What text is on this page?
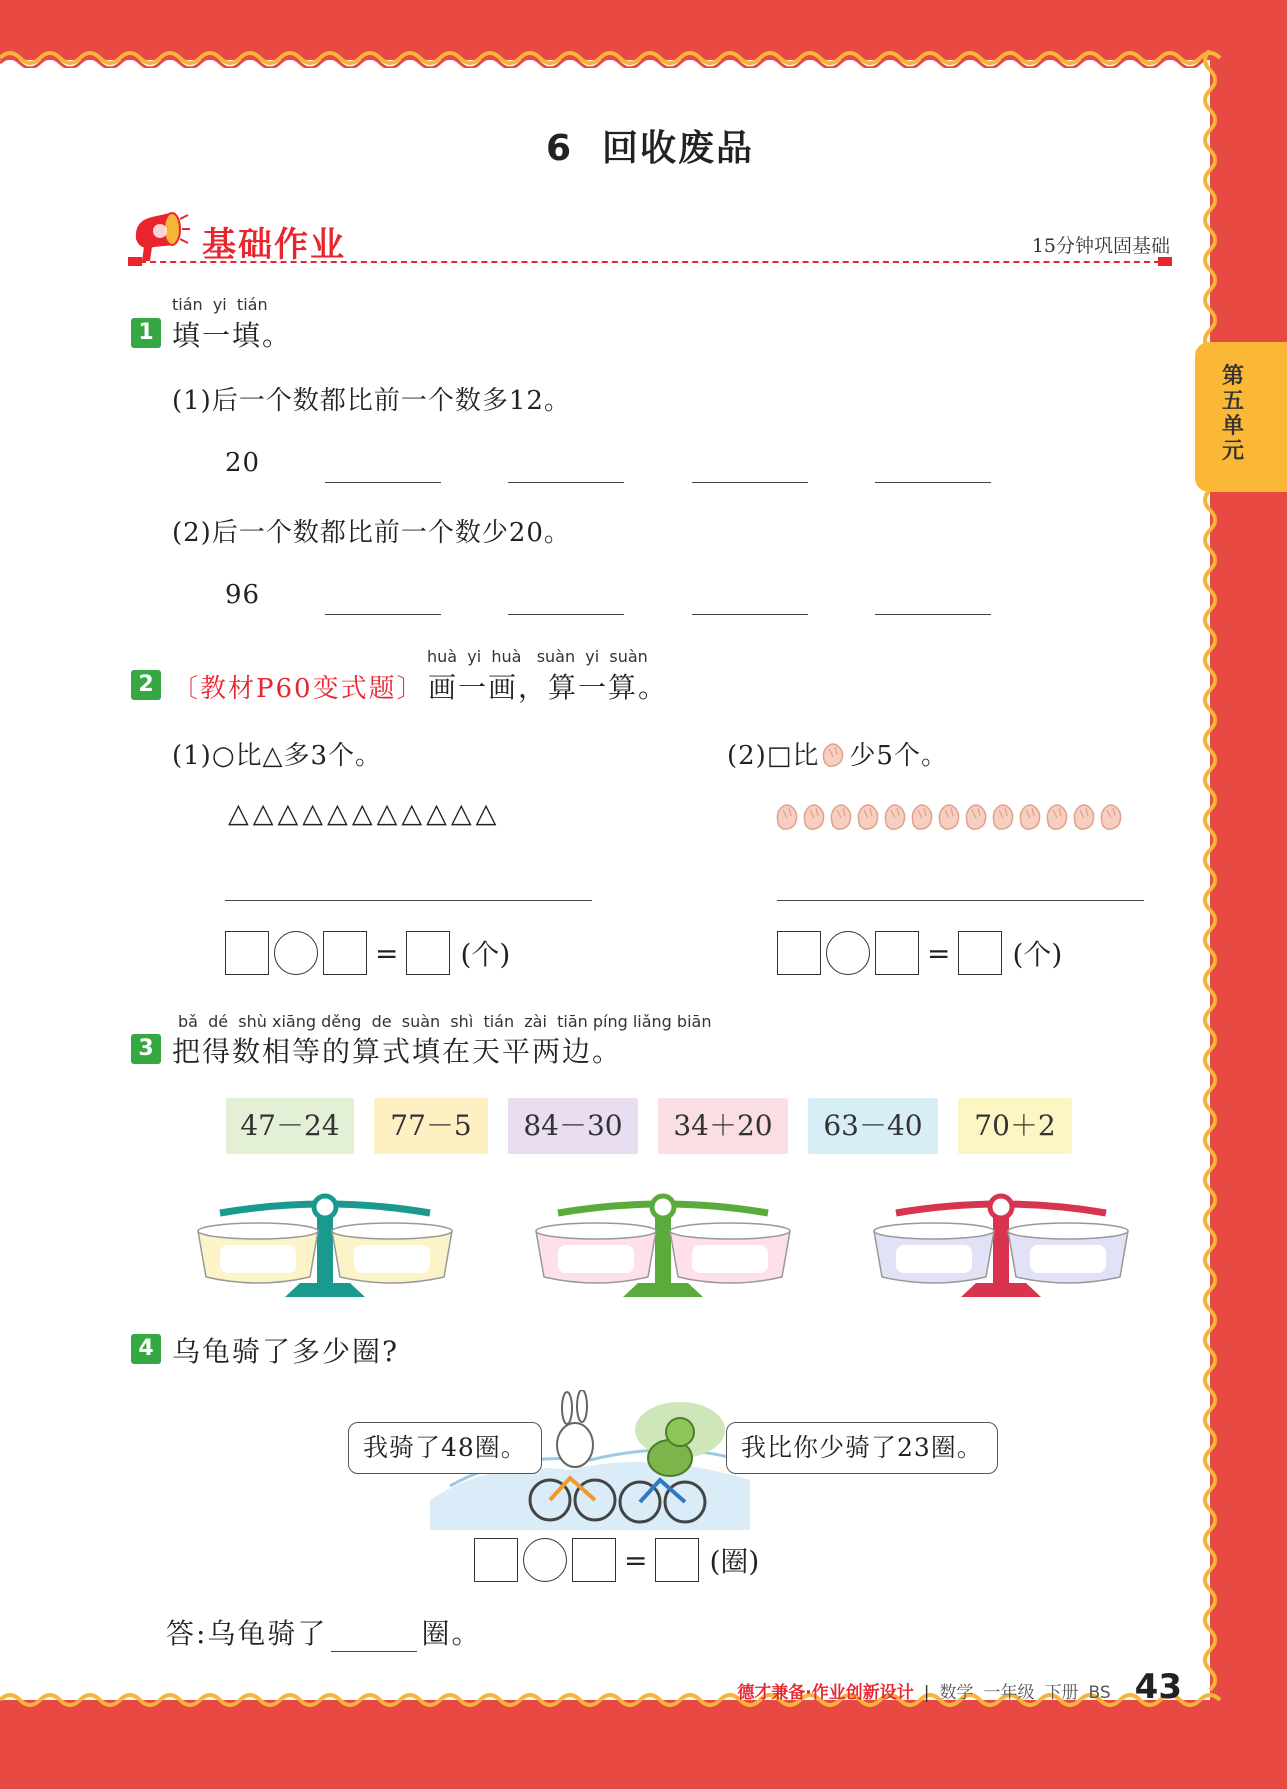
第五单元
6  回收废品
基础作业	15分钟巩固基础
tián  yi  tián
1 填一填。
(1)后一个数都比前一个数多12。
20
(2)后一个数都比前一个数少20。
96
huà  yi  huà   suàn  yi  suàn
2 〔教材P60变式题〕 画一画，算一算。
(1)○比△多3个。
△△△△△△△△△△△
= (个)
(2)□比 少5个。
= (个)
bǎ  dé  shù xiāng děng  de  suàn  shì  tián  zài  tiān píng liǎng biān
3 把得数相等的算式填在天平两边。
47－24	77－5	84－30	34＋20	63－40	70＋2
4 乌龟骑了多少圈?
我骑了48圈。	我比你少骑了23圈。
= (圈)
答:乌龟骑了	圈。
德才兼备·作业创新设计 | 数学 一年级 下册 BS 43
